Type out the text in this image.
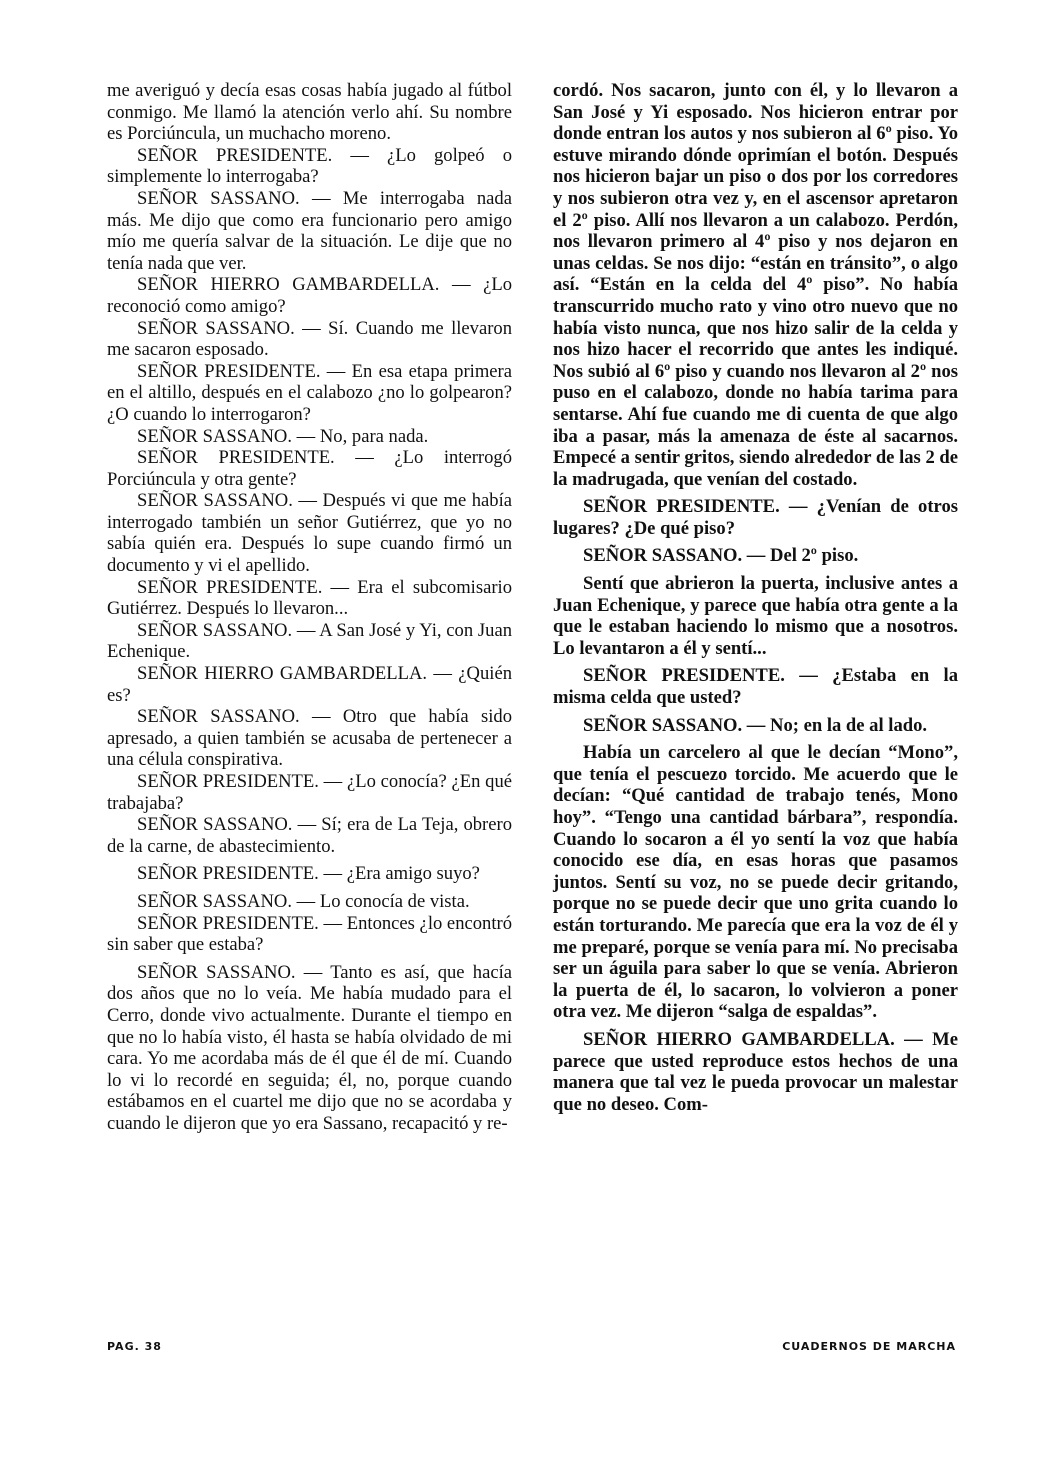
me averiguó y decía esas cosas había jugado al fútbol conmigo. Me llamó la atención verlo ahí. Su nombre es Porciúncula, un muchacho moreno.

SEÑOR PRESIDENTE. — ¿Lo golpeó o simplemente lo interrogaba?

SEÑOR SASSANO. — Me interrogaba nada más. Me dijo que como era funcionario pero amigo mío me quería salvar de la situación. Le dije que no tenía nada que ver.

SEÑOR HIERRO GAMBARDELLA. — ¿Lo reconoció como amigo?

SEÑOR SASSANO. — Sí. Cuando me llevaron me sacaron esposado.

SEÑOR PRESIDENTE. — En esa etapa primera en el altillo, después en el calabozo ¿no lo golpearon? ¿O cuando lo interrogaron?

SEÑOR SASSANO. — No, para nada.

SEÑOR PRESIDENTE. — ¿Lo interrogó Porciúncula y otra gente?

SEÑOR SASSANO. — Después vi que me había interrogado también un señor Gutiérrez, que yo no sabía quién era. Después lo supe cuando firmó un documento y vi el apellido.

SEÑOR PRESIDENTE. — Era el subcomisario Gutiérrez. Después lo llevaron...

SEÑOR SASSANO. — A San José y Yi, con Juan Echenique.

SEÑOR HIERRO GAMBARDELLA. — ¿Quién es?

SEÑOR SASSANO. — Otro que había sido apresado, a quien también se acusaba de pertenecer a una célula conspirativa.

SEÑOR PRESIDENTE. — ¿Lo conocía? ¿En qué trabajaba?

SEÑOR SASSANO. — Sí; era de La Teja, obrero de la carne, de abastecimiento.

SEÑOR PRESIDENTE. — ¿Era amigo suyo?

SEÑOR SASSANO. — Lo conocía de vista.

SEÑOR PRESIDENTE. — Entonces ¿lo encontró sin saber que estaba?

SEÑOR SASSANO. — Tanto es así, que hacía dos años que no lo veía. Me había mudado para el Cerro, donde vivo actualmente. Durante el tiempo en que no lo había visto, él hasta se había olvidado de mi cara. Yo me acordaba más de él que él de mí. Cuando lo vi lo recordé en seguida; él, no, porque cuando estábamos en el cuartel me dijo que no se acordaba y cuando le dijeron que yo era Sassano, recapacitó y re-

cordó. Nos sacaron, junto con él, y lo llevaron a San José y Yi esposado. Nos hicieron entrar por donde entran los autos y nos subieron al 6º piso. Yo estuve mirando dónde oprimían el botón. Después nos hicieron bajar un piso o dos por los corredores y nos subieron otra vez y, en el ascensor apretaron el 2º piso. Allí nos llevaron a un calabozo. Perdón, nos llevaron primero al 4º piso y nos dejaron en unas celdas. Se nos dijo: “están en tránsito”, o algo así. “Están en la celda del 4º piso”. No había transcurrido mucho rato y vino otro nuevo que no había visto nunca, que nos hizo salir de la celda y nos hizo hacer el recorrido que antes les indiqué. Nos subió al 6º piso y cuando nos llevaron al 2º nos puso en el calabozo, donde no había tarima para sentarse. Ahí fue cuando me di cuenta de que algo iba a pasar, más la amenaza de éste al sacarnos. Empecé a sentir gritos, siendo alrededor de las 2 de la madrugada, que venían del costado.

SEÑOR PRESIDENTE. — ¿Venían de otros lugares? ¿De qué piso?

SEÑOR SASSANO. — Del 2º piso.

Sentí que abrieron la puerta, inclusive antes a Juan Echenique, y parece que había otra gente a la que le estaban haciendo lo mismo que a nosotros. Lo levantaron a él y sentí...

SEÑOR PRESIDENTE. — ¿Estaba en la misma celda que usted?

SEÑOR SASSANO. — No; en la de al lado.

Había un carcelero al que le decían “Mono”, que tenía el pescuezo torcido. Me acuerdo que le decían: “Qué cantidad de trabajo tenés, Mono hoy”. “Tengo una cantidad bárbara”, respondía. Cuando lo socaron a él yo sentí la voz que había conocido ese día, en esas horas que pasamos juntos. Sentí su voz, no se puede decir gritando, porque no se puede decir que uno grita cuando lo están torturando. Me parecía que era la voz de él y me preparé, porque se venía para mí. No precisaba ser un águila para saber lo que se venía. Abrieron la puerta de él, lo sacaron, lo volvieron a poner otra vez. Me dijeron “salga de espaldas”.

SEÑOR HIERRO GAMBARDELLA. — Me parece que usted reproduce estos hechos de una manera que tal vez le pueda provocar un malestar que no deseo. Com-

PAG. 38	CUADERNOS DE MARCHA
